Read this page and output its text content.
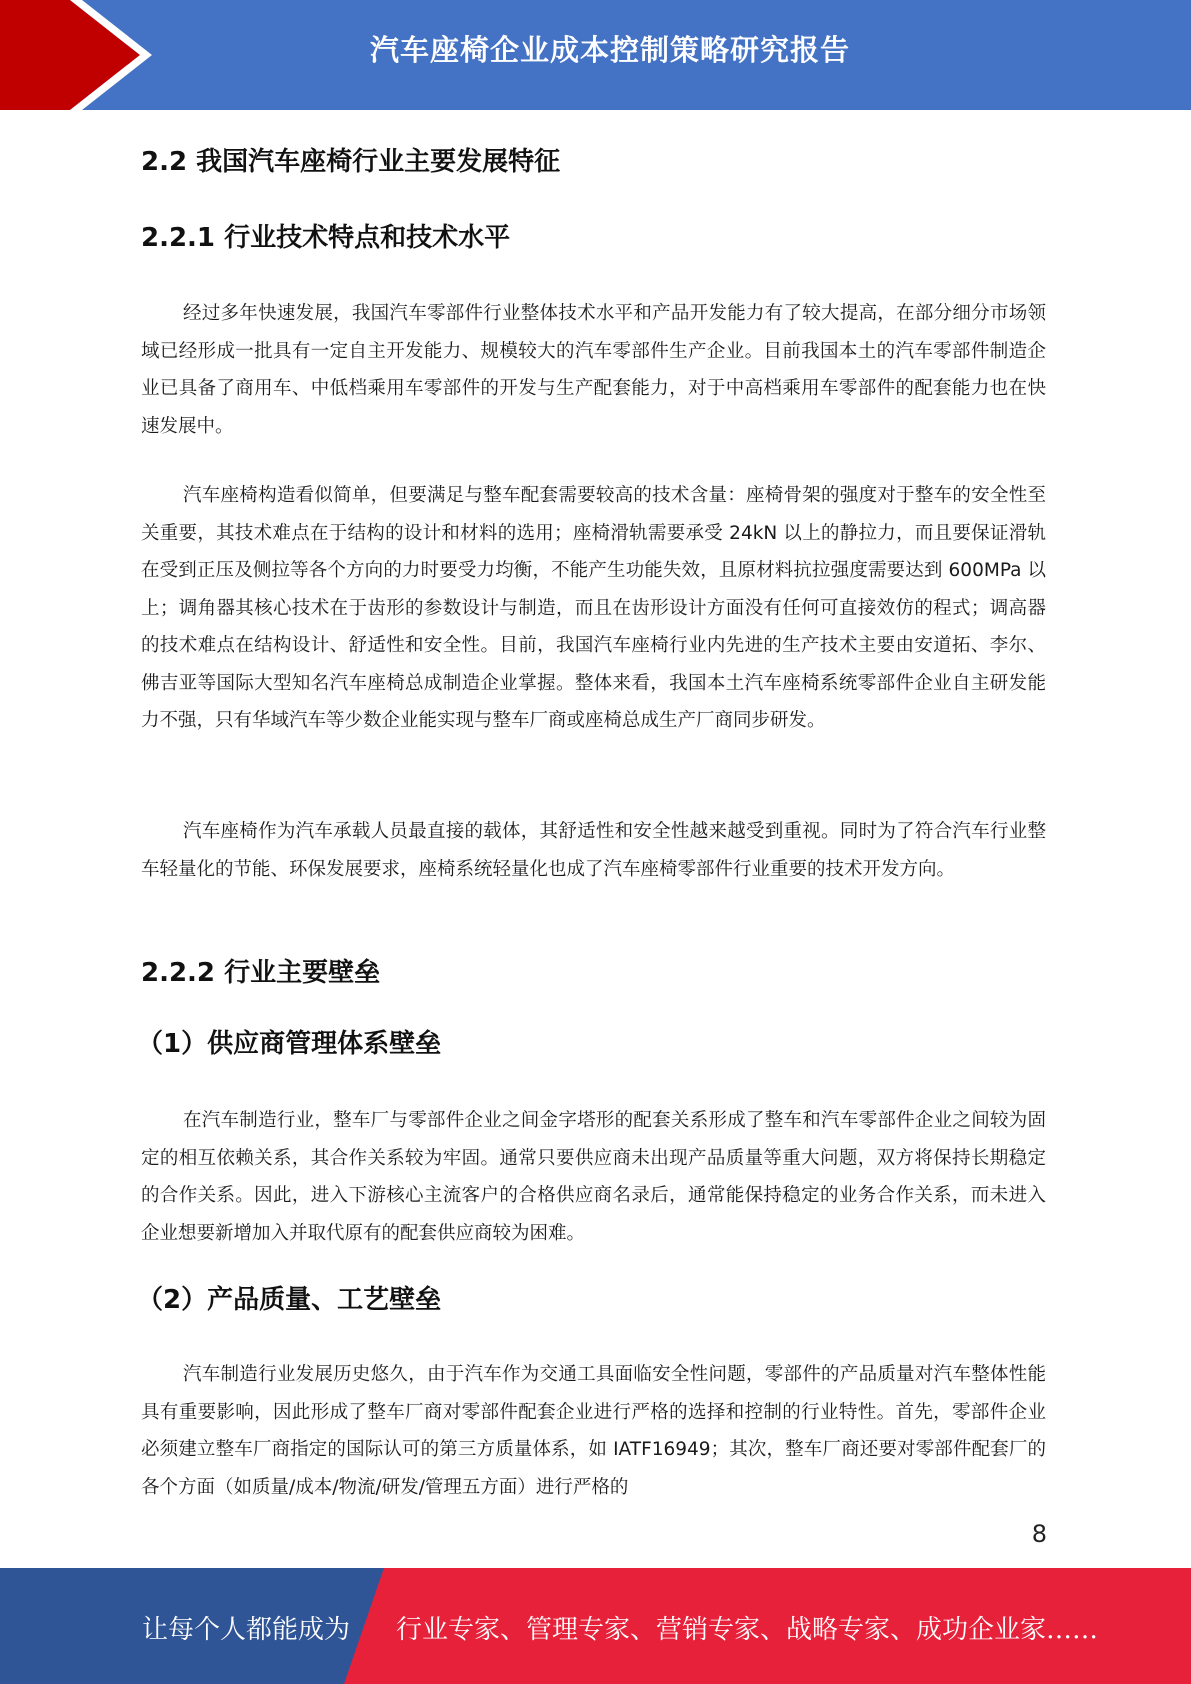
汽车座椅企业成本控制策略研究报告
2.2 我国汽车座椅行业主要发展特征
2.2.1 行业技术特点和技术水平

经过多年快速发展，我国汽车零部件行业整体技术水平和产品开发能力有了较大提高，在部分细分市场领域已经形成一批具有一定自主开发能力、规模较大的汽车零部件生产企业。目前我国本土的汽车零部件制造企业已具备了商用车、中低档乘用车零部件的开发与生产配套能力，对于中高档乘用车零部件的配套能力也在快速发展中。

汽车座椅构造看似简单，但要满足与整车配套需要较高的技术含量：座椅骨架的强度对于整车的安全性至关重要，其技术难点在于结构的设计和材料的选用；座椅滑轨需要承受 24kN 以上的静拉力，而且要保证滑轨在受到正压及侧拉等各个方向的力时要受力均衡，不能产生功能失效，且原材料抗拉强度需要达到 600MPa 以上；调角器其核心技术在于齿形的参数设计与制造，而且在齿形设计方面没有任何可直接效仿的程式；调高器的技术难点在结构设计、舒适性和安全性。目前，我国汽车座椅行业内先进的生产技术主要由安道拓、李尔、佛吉亚等国际大型知名汽车座椅总成制造企业掌握。整体来看，我国本土汽车座椅系统零部件企业自主研发能力不强，只有华域汽车等少数企业能实现与整车厂商或座椅总成生产厂商同步研发。

汽车座椅作为汽车承载人员最直接的载体，其舒适性和安全性越来越受到重视。同时为了符合汽车行业整车轻量化的节能、环保发展要求，座椅系统轻量化也成了汽车座椅零部件行业重要的技术开发方向。

2.2.2 行业主要壁垒
（1）供应商管理体系壁垒

在汽车制造行业，整车厂与零部件企业之间金字塔形的配套关系形成了整车和汽车零部件企业之间较为固定的相互依赖关系，其合作关系较为牢固。通常只要供应商未出现产品质量等重大问题，双方将保持长期稳定的合作关系。因此，进入下游核心主流客户的合格供应商名录后，通常能保持稳定的业务合作关系，而未进入企业想要新增加入并取代原有的配套供应商较为困难。

（2）产品质量、工艺壁垒

汽车制造行业发展历史悠久，由于汽车作为交通工具面临安全性问题，零部件的产品质量对汽车整体性能具有重要影响，因此形成了整车厂商对零部件配套企业进行严格的选择和控制的行业特性。首先，零部件企业必须建立整车厂商指定的国际认可的第三方质量体系，如 IATF16949；其次，整车厂商还要对零部件配套厂的各个方面（如质量/成本/物流/研发/管理五方面）进行严格的

8
让每个人都能成为 行业专家、管理专家、营销专家、战略专家、成功企业家……
